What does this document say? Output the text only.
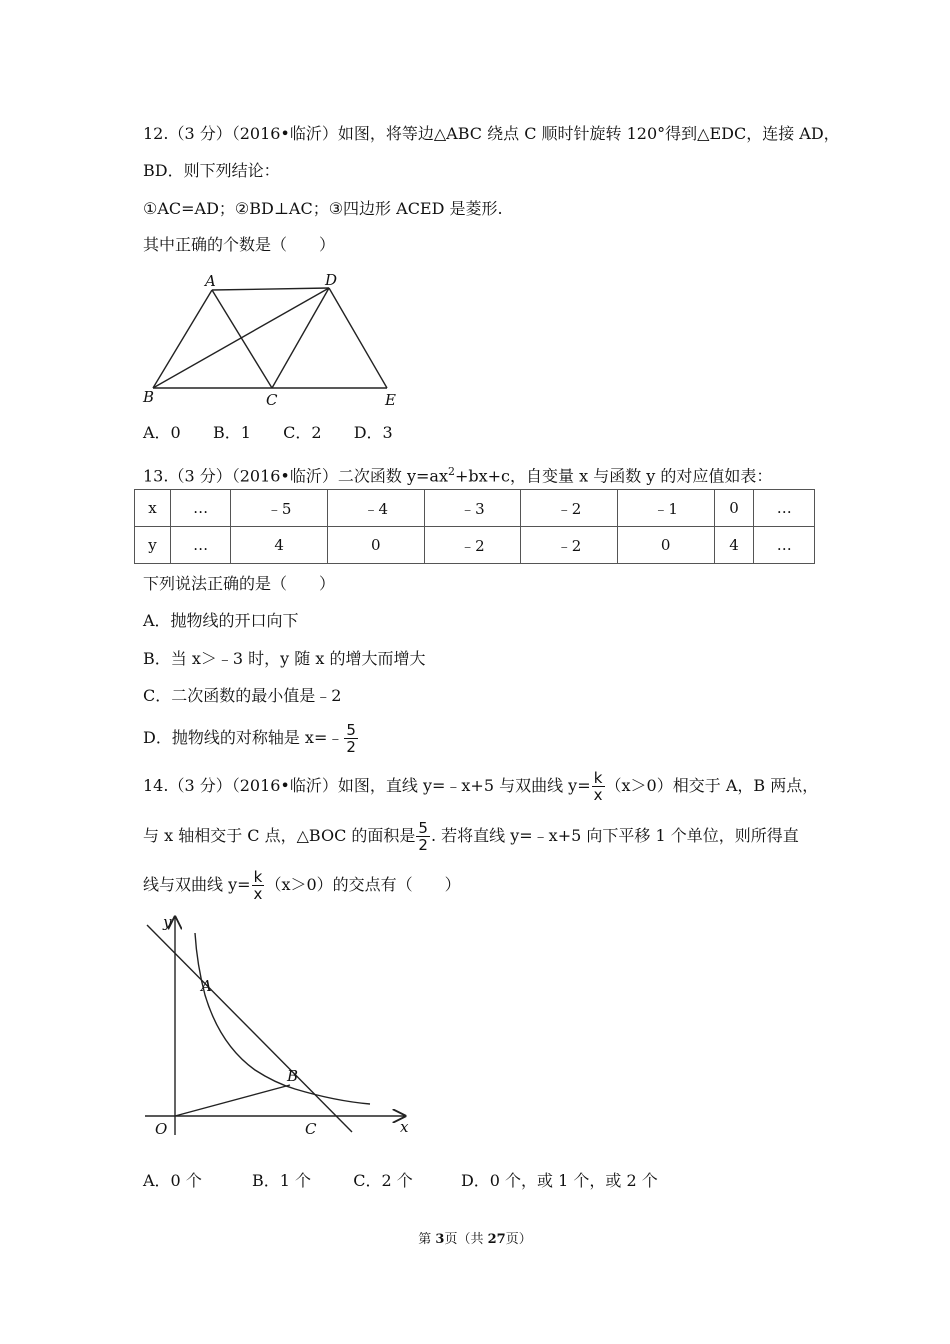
12.（3 分）（2016•临沂）如图，将等边△ABC 绕点 C 顺时针旋转 120°得到△EDC，连接 AD，
BD．则下列结论：
①AC=AD；②BD⊥AC；③四边形 ACED 是菱形.
其中正确的个数是（　　）
A	D
B	C	E
A．0 B．1 C．2 D．3
13.（3 分）（2016•临沂）二次函数 $y=ax^2+bx+c$，自变量 x 与函数 y 的对应值如表：
x	…	﹣5	﹣4	﹣3	﹣2	﹣1	0	…
y	…	4	0	﹣2	﹣2	0	4	…
下列说法正确的是（　　）
A．抛物线的开口向下
B．当 x＞﹣3 时，y 随 x 的增大而增大
C．二次函数的最小值是﹣2
D．抛物线的对称轴是 x=﹣ $\frac{5}{2}$
14.（3 分）（2016•临沂）如图，直线 y=﹣x+5 与双曲线 $y= \frac{k}{x} (x>0)$相交于 A，B 两点，
与 x 轴相交于 C 点，△BOC 的面积是 $\frac{5}{2}$ . 若将直线 y=﹣x+5 向下平移 1 个单位，则所得直
线与双曲线 $y= \frac{k}{x} (x>0)$的交点有（　　）
y
x
O
A
B
C
A．0 个	B．1 个	C．2 个	D．0 个，或 1 个，或 2 个
第 3页（共 27页）
